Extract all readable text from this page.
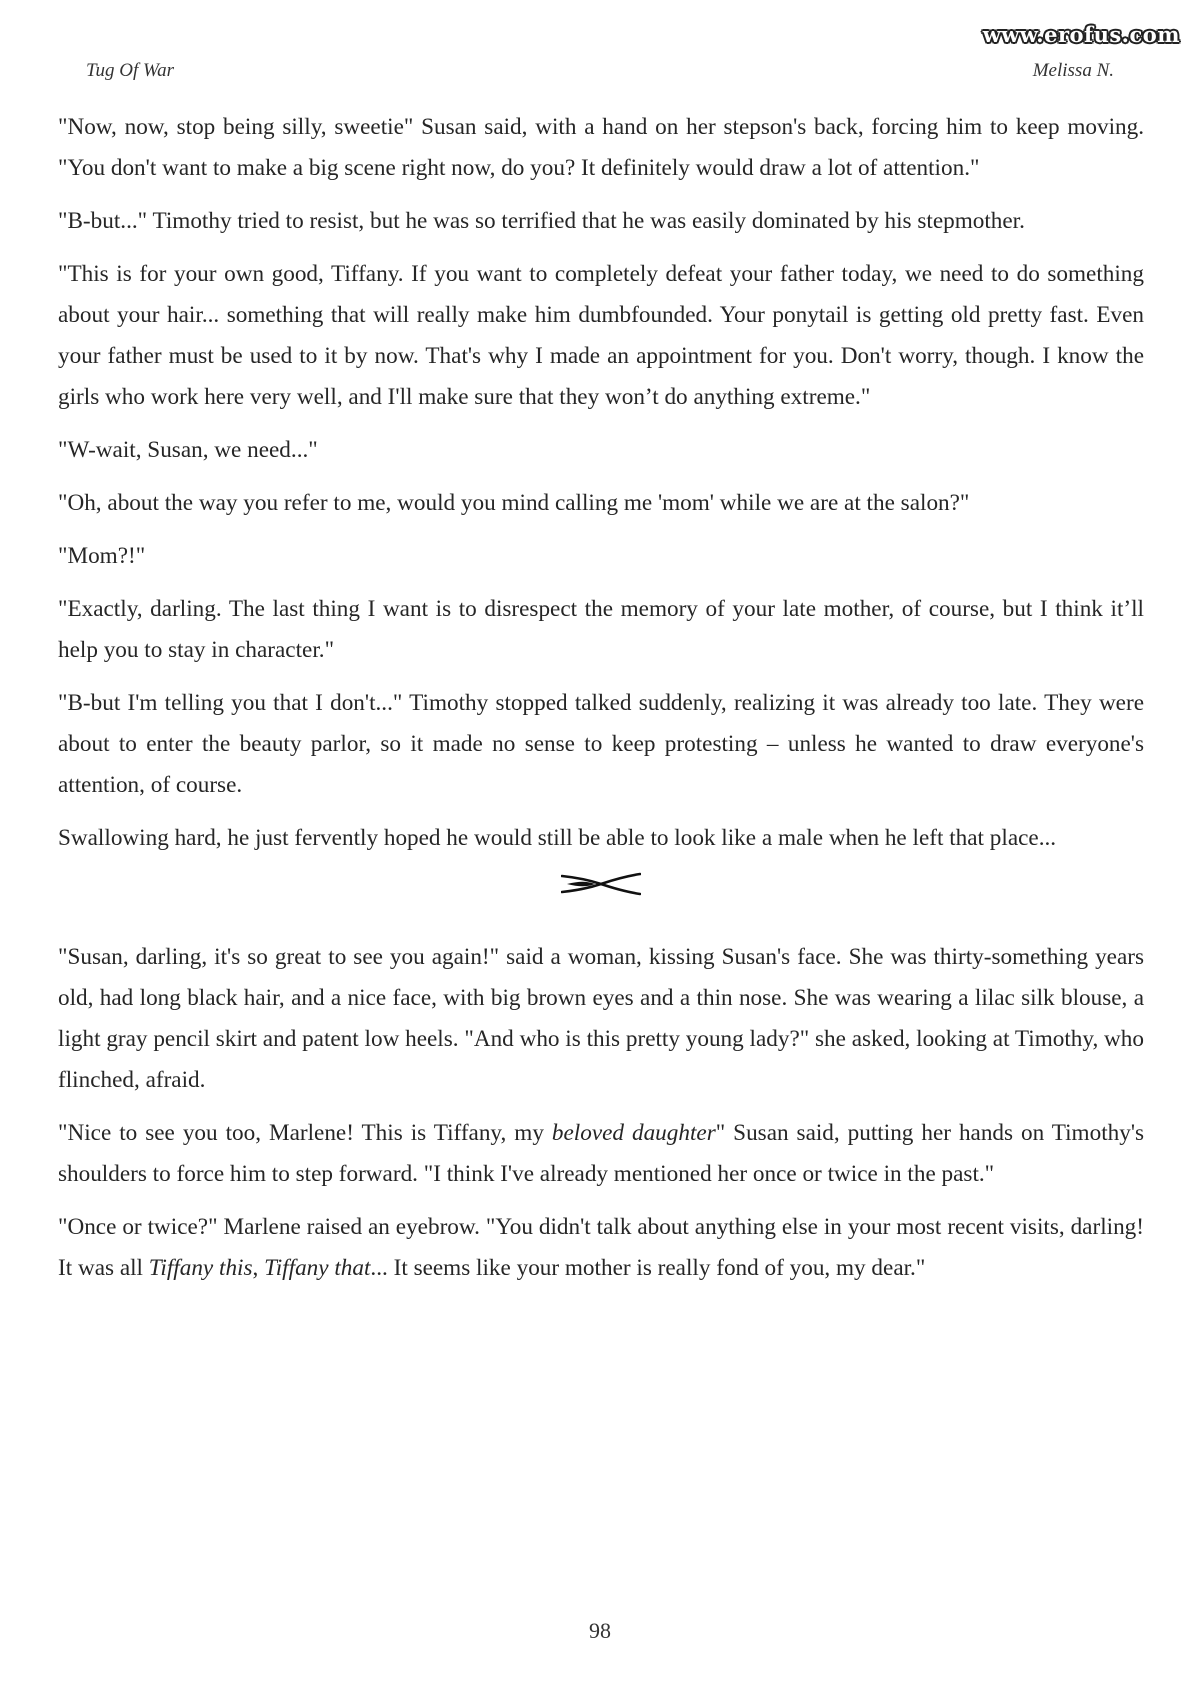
www.erofus.com
Tug Of War	Melissa N.

"Now, now, stop being silly, sweetie" Susan said, with a hand on her stepson's back, forcing him to keep moving. "You don't want to make a big scene right now, do you? It definitely would draw a lot of attention."

"B-but..." Timothy tried to resist, but he was so terrified that he was easily dominated by his stepmother.

"This is for your own good, Tiffany. If you want to completely defeat your father today, we need to do something about your hair... something that will really make him dumbfounded. Your ponytail is getting old pretty fast. Even your father must be used to it by now. That's why I made an appointment for you. Don't worry, though. I know the girls who work here very well, and I'll make sure that they won’t do anything extreme."

"W-wait, Susan, we need..."

"Oh, about the way you refer to me, would you mind calling me 'mom' while we are at the salon?"

"Mom?!"

"Exactly, darling. The last thing I want is to disrespect the memory of your late mother, of course, but I think it’ll help you to stay in character."

"B-but I'm telling you that I don't..." Timothy stopped talked suddenly, realizing it was already too late. They were about to enter the beauty parlor, so it made no sense to keep protesting – unless he wanted to draw everyone's attention, of course.

Swallowing hard, he just fervently hoped he would still be able to look like a male when he left that place...

"Susan, darling, it's so great to see you again!" said a woman, kissing Susan's face. She was thirty-something years old, had long black hair, and a nice face, with big brown eyes and a thin nose. She was wearing a lilac silk blouse, a light gray pencil skirt and patent low heels. "And who is this pretty young lady?" she asked, looking at Timothy, who flinched, afraid.

"Nice to see you too, Marlene! This is Tiffany, my beloved daughter" Susan said, putting her hands on Timothy's shoulders to force him to step forward. "I think I've already mentioned her once or twice in the past."

"Once or twice?" Marlene raised an eyebrow. "You didn't talk about anything else in your most recent visits, darling! It was all Tiffany this, Tiffany that... It seems like your mother is really fond of you, my dear."

98
